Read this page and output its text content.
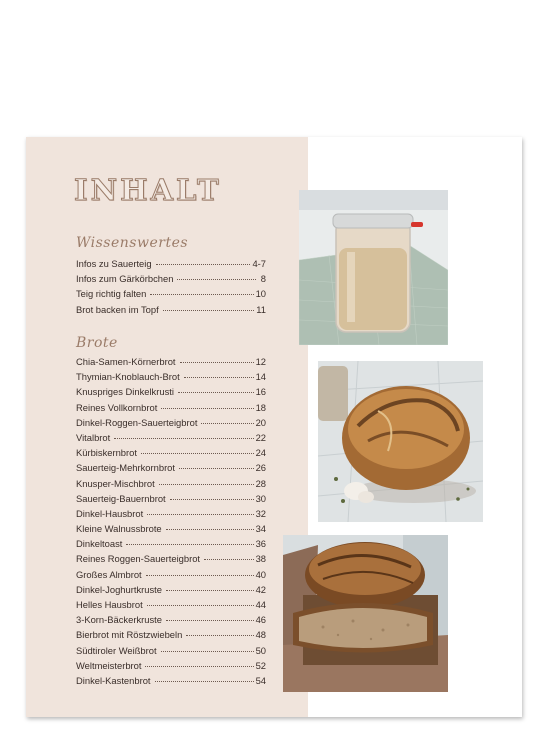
INHALT
Wissenswertes
Infos zu Sauerteig	4-7
Infos zum Gärkörbchen	8
Teig richtig falten	10
Brot backen im Topf	11
Brote
Chia-Samen-Körnerbrot	12
Thymian-Knoblauch-Brot	14
Knuspriges Dinkelkrusti	16
Reines Vollkornbrot	18
Dinkel-Roggen-Sauerteigbrot	20
Vitalbrot	22
Kürbiskernbrot	24
Sauerteig-Mehrkornbrot	26
Knusper-Mischbrot	28
Sauerteig-Bauernbrot	30
Dinkel-Hausbrot	32
Kleine Walnussbrote	34
Dinkeltoast	36
Reines Roggen-Sauerteigbrot	38
Großes Almbrot	40
Dinkel-Joghurtkruste	42
Helles Hausbrot	44
3-Korn-Bäckerkruste	46
Bierbrot mit Röstzwiebeln	48
Südtiroler Weißbrot	50
Weltmeisterbrot	52
Dinkel-Kastenbrot	54
